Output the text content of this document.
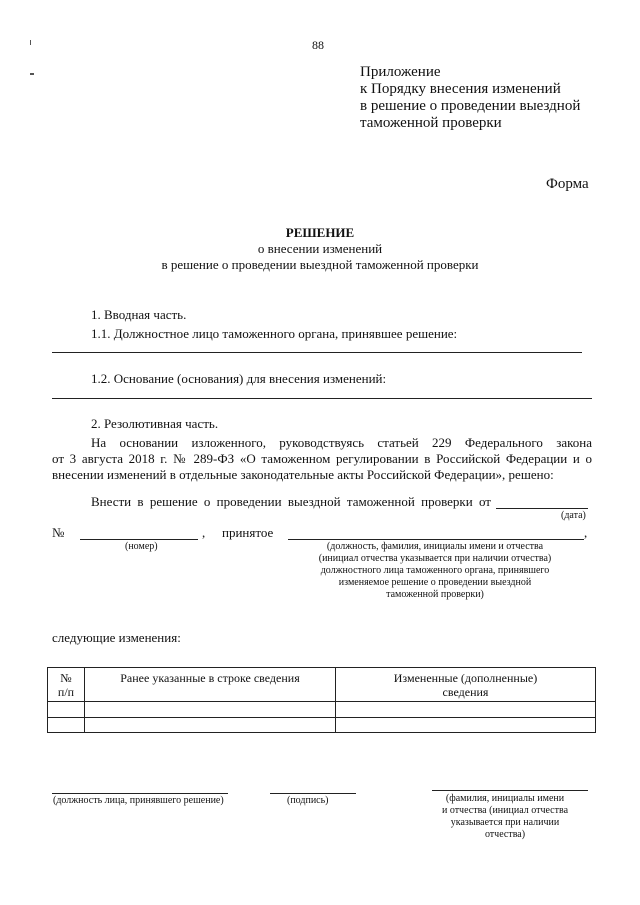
88
Приложение
к Порядку внесения изменений
в решение о проведении выездной
таможенной проверки
Форма
РЕШЕНИЕ
о внесении изменений
в решение о проведении выездной таможенной проверки
1. Вводная часть.
1.1. Должностное лицо таможенного органа, принявшее решение:
1.2. Основание (основания) для внесения изменений:
2. Резолютивная часть.
На основании изложенного, руководствуясь статьей 229 Федерального закона
от 3 августа 2018 г. № 289-ФЗ «О таможенном регулировании в Российской Федерации и о
внесении изменений в отдельные законодательные акты Российской Федерации», решено:
Внести в решение о проведении выездной таможенной проверки от
(дата)
№	, принятое	,
(номер)	(должность, фамилия, инициалы имени и отчества
(инициал отчества указывается при наличии отчества)
должностного лица таможенного органа, принявшего
изменяемое решение о проведении выездной
таможенной проверки)
следующие изменения:
№
п/п	Ранее указанные в строке сведения	Измененные (дополненные)
сведения

(должность лица, принявшего решение)	(подпись)	(фамилия, инициалы имени
и отчества (инициал отчества
указывается при наличии
отчества)
